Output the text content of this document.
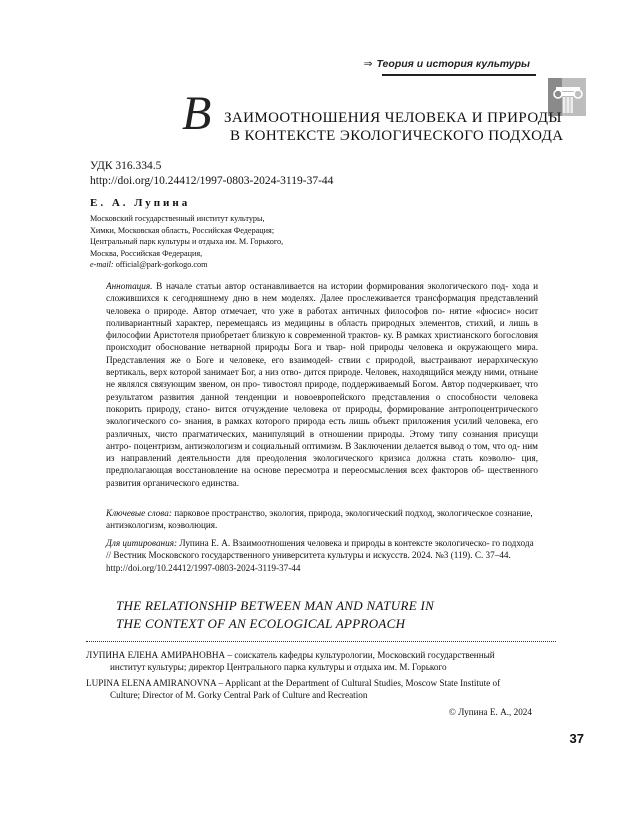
⇒ Теория и история культуры
В ЗАИМООТНОШЕНИЯ ЧЕЛОВЕКА И ПРИРОДЫ
В КОНТЕКСТЕ ЭКОЛОГИЧЕСКОГО ПОДХОДА
УДК 316.334.5
http://doi.org/10.24412/1997-0803-2024-3119-37-44
Е. А. Лупина
Московский государственный институт культуры,
Химки, Московская область, Российская Федерация;
Центральный парк культуры и отдыха им. М. Горького,
Москва, Российская Федерация,
e-mail: official@park-gorkogo.com
Аннотация. В начале статьи автор останавливается на истории формирования экологического под- хода и сложившихся к сегодняшнему дню в нем моделях. Далее прослеживается трансформация представлений человека о природе. Автор отмечает, что уже в работах античных философов по- нятие «фюсис» носит поливариантный характер, перемещаясь из медицины в область природных элементов, стихий, и лишь в философии Аристотеля приобретает близкую к современной трактов- ку. В рамках христианского богословия происходит обоснование нетварной природы Бога и твар- ной природы человека и окружающего мира. Представления же о Боге и человеке, его взаимодей- ствии с природой, выстраивают иерархическую вертикаль, верх которой занимает Бог, а низ отво- дится природе. Человек, находящийся между ними, отныне не являлся связующим звеном, он про- тивостоял природе, поддерживаемый Богом. Автор подчеркивает, что результатом развития данной тенденции и новоевропейского представления о способности человека покорить природу, стано- вится отчуждение человека от природы, формирование антропоцентрического экологического со- знания, в рамках которого природа есть лишь объект приложения усилий человека, его различных, чисто прагматических, манипуляций в отношении природы. Этому типу сознания присущи антро- поцентризм, антиэкологизм и социальный оптимизм. В Заключении делается вывод о том, что од- ним из направлений деятельности для преодоления экологического кризиса должна стать коэволю- ция, предполагающая восстановление на основе пересмотра и переосмысления всех факторов об- щественного развития органического единства.
Ключевые слова: парковое пространство, экология, природа, экологический подход, экологическое сознание, антиэкологизм, коэволюция.
Для цитирования: Лупина Е. А. Взаимоотношения человека и природы в контексте экологическо- го подхода // Вестник Московского государственного университета культуры и искусств. 2024. №3 (119). С. 37–44. http://doi.org/10.24412/1997-0803-2024-3119-37-44
THE RELATIONSHIP BETWEEN MAN AND NATURE IN
THE CONTEXT OF AN ECOLOGICAL APPROACH
ЛУПИНА ЕЛЕНА АМИРАНОВНА – соискатель кафедры культурологии, Московский государственный
институт культуры; директор Центрального парка культуры и отдыха им. М. Горького
LUPINA ELENA AMIRANOVNA – Applicant at the Department of Cultural Studies, Moscow State Institute of
Culture; Director of M. Gorky Central Park of Culture and Recreation
© Лупина Е. А., 2024
37
